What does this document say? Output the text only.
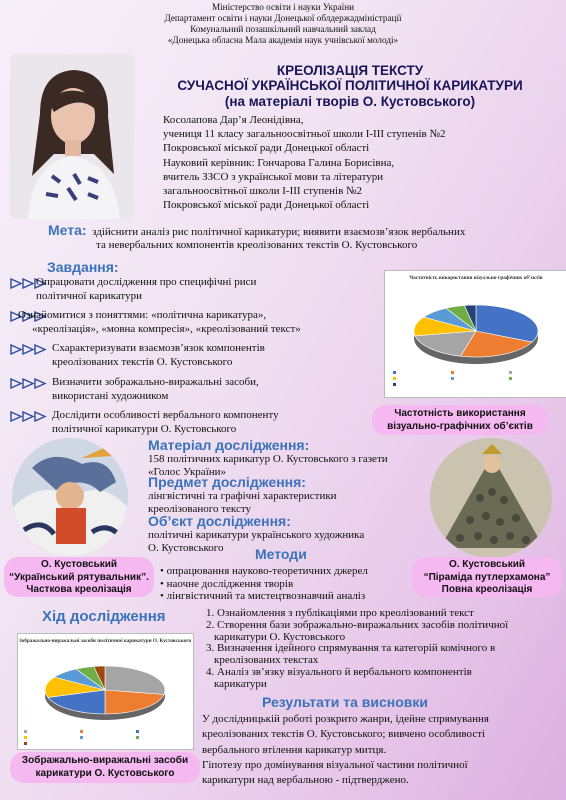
Міністерство освіти і науки України
Департамент освіти і науки Донецької облдержадміністрації
Комунальний позашкільний навчальний заклад
«Донецька обласна Мала академія наук учнівської молоді»
КРЕОЛІЗАЦІЯ ТЕКСТУ
СУЧАСНОЇ УКРАЇНСЬКОЇ ПОЛІТИЧНОЇ КАРИКАТУРИ
(на матеріалі творів О. Кустовського)
Косолапова Дар’я Леонідівна,
учениця 11 класу загальноосвітньої школи І-ІІІ ступенів №2
Покровської міської ради Донецької області
Науковий керівник: Гончарова Галина Борисівна,
вчитель ЗЗСО з української мови та літератури
загальноосвітньої школи І-ІІІ ступенів №2
Покровської міської ради Донецької області
Мета: здійснити аналіз рис політичної карикатури; виявити взаємозв’язок вербальних
та невербальних компонентів креолізованих текстів О. Кустовського
Завдання:
Опрацювати дослідження про специфічні риси
політичної карикатури
Ознайомитися з поняттями: «політична карикатура»,
«креолізація», «мовна компресія», «креолізований текст»
Схарактеризувати взаємозв’язок компонентів
креолізованих текстів О. Кустовського
Визначити зображально-виражальні засоби,
використані художником
Дослідити особливості вербального компоненту
політичної карикатури О. Кустовського
Частотність використання візуально-графічних об’єктів
Частотність використання
візуально-графічних об’єктів
О. Кустовський
“Український рятувальник”.
Часткова креолізація
О. Кустовський
“Піраміда путлерхамона”
Повна креолізація
Матеріал дослідження:
158 політичних карикатур О. Кустовського з газети
«Голос України»
Предмет дослідження:
лінгвістичні та графічні характеристики
креолізованого тексту
Об’єкт дослідження:
політичні карикатури українського художника
О. Кустовського	Методи
• опрацювання науково-теоретичних джерел
• наочне дослідження творів
• лінгвістичний та мистецтвознавчий аналіз
Хід дослідження	1. Ознайомлення з публікаціями про креолізований текст
2. Створення бази зображально-виражальних засобів політичної
карикатури О. Кустовського
3. Визначення ідейного спрямування та категорій комічного в
креолізованих текстах
4. Аналіз зв’язку візуального й вербального компонентів
карикатури
Зображально-виражальні засоби політичної карикатури О. Кустовського
Зображально-виражальні засоби
карикатури О. Кустовського
Результати та висновки
У дослідницькій роботі розкрито жанри, ідейне спрямування
креолізованих текстів О. Кустовського; вивчено особливості
вербального втілення карикатур митця.
Гіпотезу про домінування візуальної частини політичної
карикатури над вербальною - підтверджено.
